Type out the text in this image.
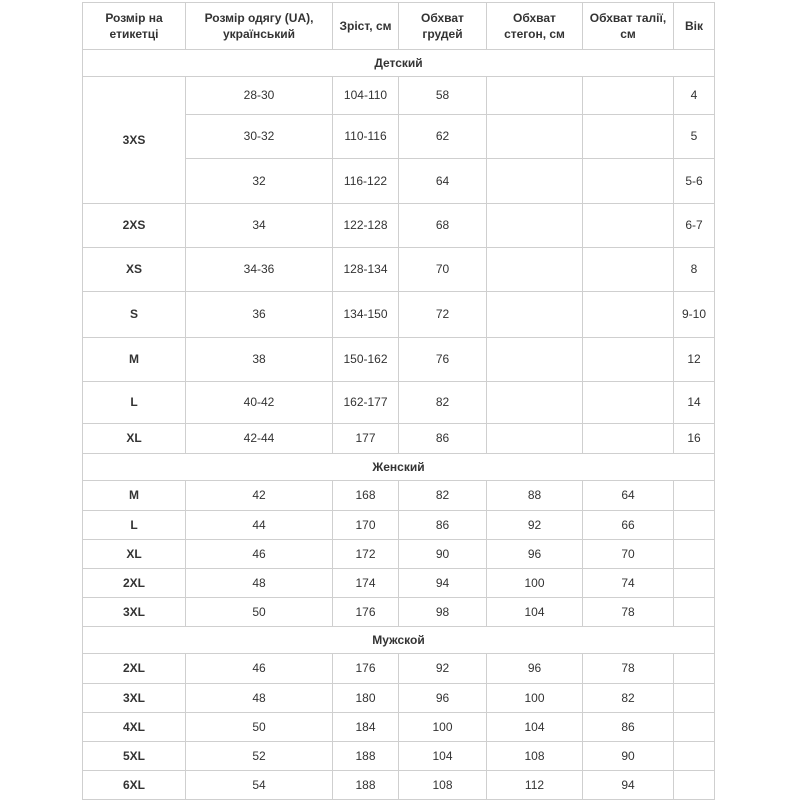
Розмір на етикетці	Розмір одягу (UA), український	Зріст, см	Обхват грудей	Обхват стегон, см	Обхват талії, см	Вік
Детский						
3XS	28-30	104-110	58			4
	30-32	110-116	62			5
	32	116-122	64			5-6
2XS	34	122-128	68			6-7
XS	34-36	128-134	70			8
S	36	134-150	72			9-10
M	38	150-162	76			12
L	40-42	162-177	82			14
XL	42-44	177	86			16
Женский						
M	42	168	82	88	64	
L	44	170	86	92	66	
XL	46	172	90	96	70	
2XL	48	174	94	100	74	
3XL	50	176	98	104	78	
Мужской						
2XL	46	176	92	96	78	
3XL	48	180	96	100	82	
4XL	50	184	100	104	86	
5XL	52	188	104	108	90	
6XL	54	188	108	112	94	
